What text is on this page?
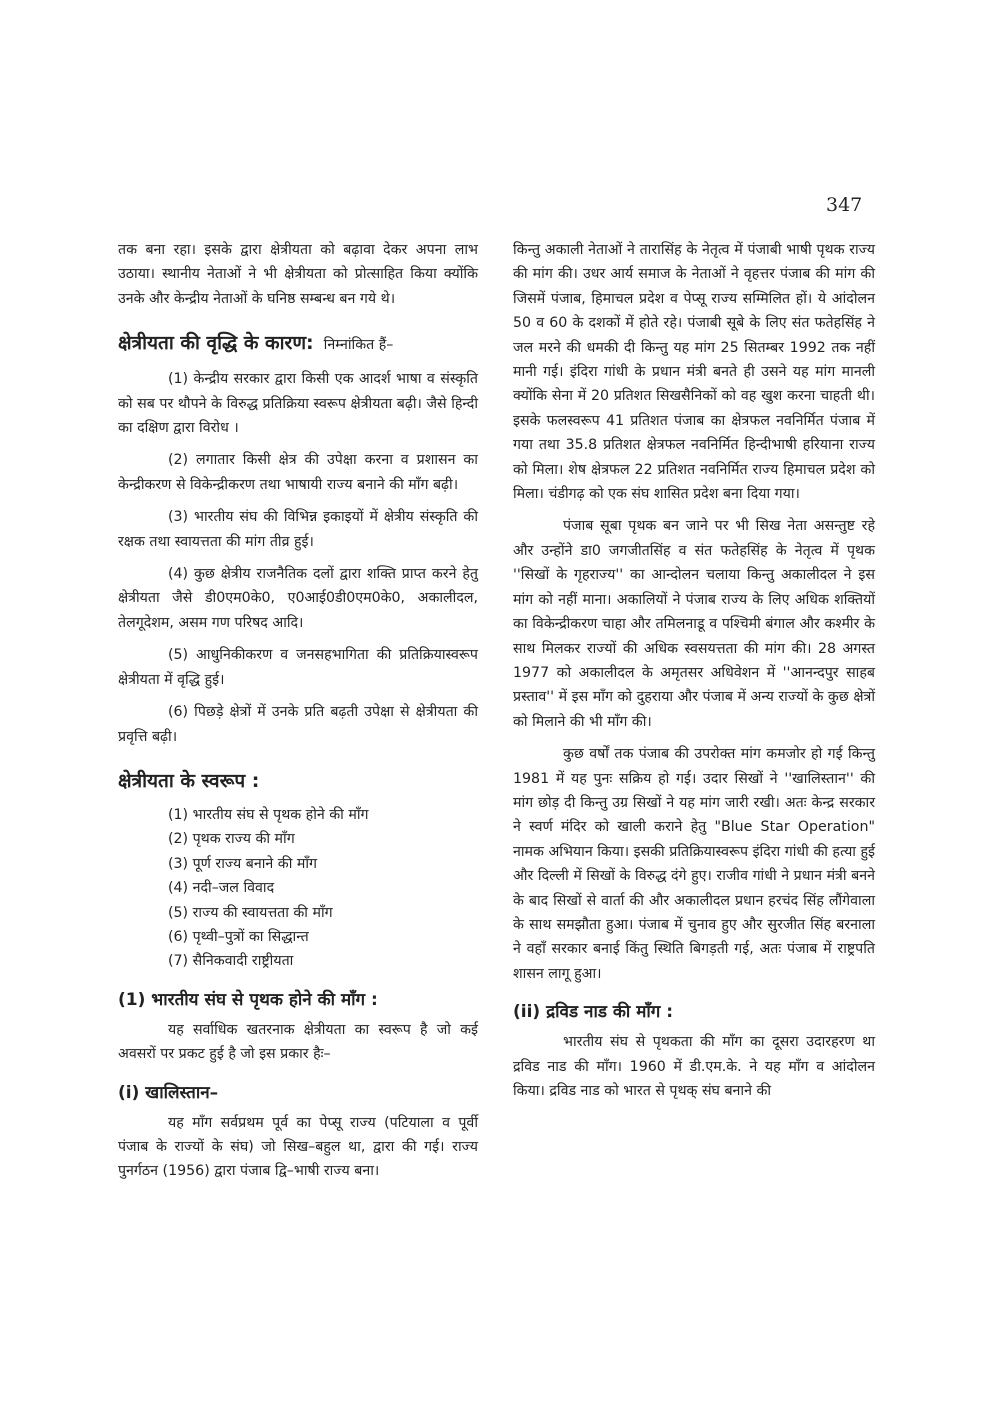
347

तक बना रहा। इसके द्वारा क्षेत्रीयता को बढ़ावा देकर अपना लाभ उठाया। स्थानीय नेताओं ने भी क्षेत्रीयता को प्रोत्साहित किया क्योंकि उनके और केन्द्रीय नेताओं के घनिष्ठ सम्बन्ध बन गये थे।

क्षेत्रीयता की वृद्धि के कारण: निम्नांकित हैं–

(1) केन्द्रीय सरकार द्वारा किसी एक आदर्श भाषा व संस्कृति को सब पर थौपने के विरुद्ध प्रतिक्रिया स्वरूप क्षेत्रीयता बढ़ी। जैसे हिन्दी का दक्षिण द्वारा विरोध ।

(2) लगातार किसी क्षेत्र की उपेक्षा करना व प्रशासन का केन्द्रीकरण से विकेन्द्रीकरण तथा भाषायी राज्य बनाने की माँग बढ़ी।

(3) भारतीय संघ की विभिन्न इकाइयों में क्षेत्रीय संस्कृति की रक्षक तथा स्वायत्तता की मांग तीव्र हुई।

(4) कुछ क्षेत्रीय राजनैतिक दलों द्वारा शक्ति प्राप्त करने हेतु क्षेत्रीयता जैसे डी0एम0के0, ए0आई0डी0एम0के0, अकालीदल, तेलगूदेशम, असम गण परिषद आदि।

(5) आधुनिकीकरण व जनसहभागिता की प्रतिक्रियास्वरूप क्षेत्रीयता में वृद्धि हुई।

(6) पिछड़े क्षेत्रों में उनके प्रति बढ़ती उपेक्षा से क्षेत्रीयता की प्रवृत्ति बढ़ी।

क्षेत्रीयता के स्वरूप :
(1) भारतीय संघ से पृथक होने की माँग
(2) पृथक राज्य की माँग
(3) पूर्ण राज्य बनाने की माँग
(4) नदी–जल विवाद
(5) राज्य की स्वायत्तता की माँग
(6) पृथ्वी–पुत्रों का सिद्धान्त
(7) सैनिकवादी राष्ट्रीयता
(1) भारतीय संघ से पृथक होने की माँग :

यह सर्वाधिक खतरनाक क्षेत्रीयता का स्वरूप है जो कई अवसरों पर प्रकट हुई है जो इस प्रकार हैः–

(i) खालिस्तान–

यह माँग सर्वप्रथम पूर्व का पेप्सू राज्य (पटियाला व पूर्वी पंजाब के राज्यों के संघ) जो सिख–बहुल था, द्वारा की गई। राज्य पुनर्गठन (1956) द्वारा पंजाब द्वि–भाषी राज्य बना।

किन्तु अकाली नेताओं ने तारासिंह के नेतृत्व में पंजाबी भाषी पृथक राज्य की मांग की। उधर आर्य समाज के नेताओं ने वृहत्तर पंजाब की मांग की जिसमें पंजाब, हिमाचल प्रदेश व पेप्सू राज्य सम्मिलित हों। ये आंदोलन 50 व 60 के दशकों में होते रहे। पंजाबी सूबे के लिए संत फतेहसिंह ने जल मरने की धमकी दी किन्तु यह मांग 25 सितम्बर 1992 तक नहीं मानी गई। इंदिरा गांधी के प्रधान मंत्री बनते ही उसने यह मांग मानली क्योंकि सेना में 20 प्रतिशत सिखसैनिकों को वह खुश करना चाहती थी। इसके फलस्वरूप 41 प्रतिशत पंजाब का क्षेत्रफल नवनिर्मित पंजाब में गया तथा 35.8 प्रतिशत क्षेत्रफल नवनिर्मित हिन्दीभाषी हरियाना राज्य को मिला। शेष क्षेत्रफल 22 प्रतिशत नवनिर्मित राज्य हिमाचल प्रदेश को मिला। चंडीगढ़ को एक संघ शासित प्रदेश बना दिया गया।

पंजाब सूबा पृथक बन जाने पर भी सिख नेता असन्तुष्ट रहे और उन्होंने डा0 जगजीतसिंह व संत फतेहसिंह के नेतृत्व में पृथक ''सिखों के गृहराज्य'' का आन्दोलन चलाया किन्तु अकालीदल ने इस मांग को नहीं माना। अकालियों ने पंजाब राज्य के लिए अधिक शक्तियों का विकेन्द्रीकरण चाहा और तमिलनाडू व पश्चिमी बंगाल और कश्मीर के साथ मिलकर राज्यों की अधिक स्वसयत्तता की मांग की। 28 अगस्त 1977 को अकालीदल के अमृतसर अधिवेशन में ''आनन्दपुर साहब प्रस्ताव'' में इस माँग को दुहराया और पंजाब में अन्य राज्यों के कुछ क्षेत्रों को मिलाने की भी माँग की।

कुछ वर्षों तक पंजाब की उपरोक्त मांग कमजोर हो गई किन्तु 1981 में यह पुनः सक्रिय हो गई। उदार सिखों ने ''खालिस्तान'' की मांग छोड़ दी किन्तु उग्र सिखों ने यह मांग जारी रखी। अतः केन्द्र सरकार ने स्वर्ण मंदिर को खाली कराने हेतु "Blue Star Operation" नामक अभियान किया। इसकी प्रतिक्रियास्वरूप इंदिरा गांधी की हत्या हुई और दिल्ली में सिखों के विरुद्ध दंगे हुए। राजीव गांधी ने प्रधान मंत्री बनने के बाद सिखों से वार्ता की और अकालीदल प्रधान हरचंद सिंह लौंगेवाला के साथ समझौता हुआ। पंजाब में चुनाव हुए और सुरजीत सिंह बरनाला ने वहाँ सरकार बनाई किंतु स्थिति बिगड़ती गई, अतः पंजाब में राष्ट्रपति शासन लागू हुआ।

(ii) द्रविड नाड की माँग :

भारतीय संघ से पृथकता की माँग का दूसरा उदारहरण था द्रविड नाड की माँग। 1960 में डी.एम.के. ने यह माँग व आंदोलन किया। द्रविड नाड को भारत से पृथक् संघ बनाने की
